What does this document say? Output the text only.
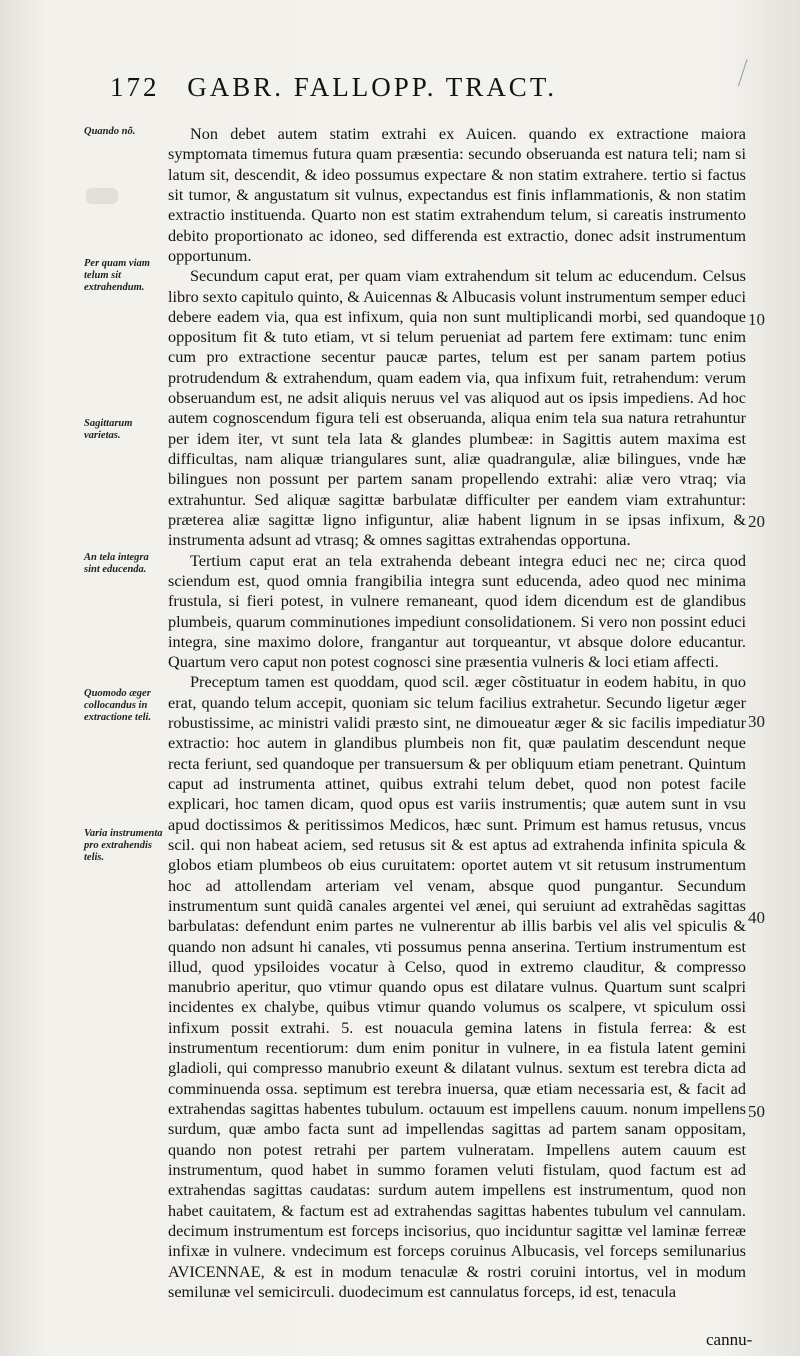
172 GABR. FALLOPP. TRACT.
Quando nõ.
Per quam viam telum sit extrahendum.
Sagittarum varietas.
An tela integra sint educenda.
Quomodo æger collocandus in extractione teli.
Varia instrumenta pro extrahendis telis.
10
20
30
40
50

Non debet autem statim extrahi ex Auicen. quando ex extractione maiora symptomata timemus futura quam præsentia: secundo obseruanda est natura teli; nam si latum sit, descendit, & ideo possumus expectare & non statim extrahere. tertio si factus sit tumor, & angustatum sit vulnus, expectandus est finis inflammationis, & non statim extractio instituenda. Quarto non est statim extrahendum telum, si careatis instrumento debito proportionato ac idoneo, sed differenda est extractio, donec adsit instrumentum opportunum.

Secundum caput erat, per quam viam extrahendum sit telum ac educendum. Celsus libro sexto capitulo quinto, & Auicennas & Albucasis volunt instrumentum semper educi debere eadem via, qua est infixum, quia non sunt multiplicandi morbi, sed quandoque oppositum fit & tuto etiam, vt si telum perueniat ad partem fere extimam: tunc enim cum pro extractione secentur paucæ partes, telum est per sanam partem potius protrudendum & extrahendum, quam eadem via, qua infixum fuit, retrahendum: verum obseruandum est, ne adsit aliquis neruus vel vas aliquod aut os ipsis impediens. Ad hoc autem cognoscendum figura teli est obseruanda, aliqua enim tela sua natura retrahuntur per idem iter, vt sunt tela lata & glandes plumbeæ: in Sagittis autem maxima est difficultas, nam aliquæ triangulares sunt, aliæ quadrangulæ, aliæ bilingues, vnde hæ bilingues non possunt per partem sanam propellendo extrahi: aliæ vero vtraq; via extrahuntur. Sed aliquæ sagittæ barbulatæ difficulter per eandem viam extrahuntur: præterea aliæ sagittæ ligno infiguntur, aliæ habent lignum in se ipsas infixum, & instrumenta adsunt ad vtrasq; & omnes sagittas extrahendas opportuna.

Tertium caput erat an tela extrahenda debeant integra educi nec ne; circa quod sciendum est, quod omnia frangibilia integra sunt educenda, adeo quod nec minima frustula, si fieri potest, in vulnere remaneant, quod idem dicendum est de glandibus plumbeis, quarum comminutiones impediunt consolidationem. Si vero non possint educi integra, sine maximo dolore, frangantur aut torqueantur, vt absque dolore educantur. Quartum vero caput non potest cognosci sine præsentia vulneris & loci etiam affecti.

Preceptum tamen est quoddam, quod scil. æger cõstituatur in eodem habitu, in quo erat, quando telum accepit, quoniam sic telum facilius extrahetur. Secundo ligetur æger robustissime, ac ministri validi præsto sint, ne dimoueatur æger & sic facilis impediatur extractio: hoc autem in glandibus plumbeis non fit, quæ paulatim descendunt neque recta feriunt, sed quandoque per transuersum & per obliquum etiam penetrant. Quintum caput ad instrumenta attinet, quibus extrahi telum debet, quod non potest facile explicari, hoc tamen dicam, quod opus est variis instrumentis; quæ autem sunt in vsu apud doctissimos & peritissimos Medicos, hæc sunt. Primum est hamus retusus, vncus scil. qui non habeat aciem, sed retusus sit & est aptus ad extrahenda infinita spicula & globos etiam plumbeos ob eius curuitatem: oportet autem vt sit retusum instrumentum hoc ad attollendam arteriam vel venam, absque quod pungantur. Secundum instrumentum sunt quidã canales argentei vel ænei, qui seruiunt ad extrahẽdas sagittas barbulatas: defendunt enim partes ne vulnerentur ab illis barbis vel alis vel spiculis & quando non adsunt hi canales, vti possumus penna anserina. Tertium instrumentum est illud, quod ypsiloides vocatur à Celso, quod in extremo clauditur, & compresso manubrio aperitur, quo vtimur quando opus est dilatare vulnus. Quartum sunt scalpri incidentes ex chalybe, quibus vtimur quando volumus os scalpere, vt spiculum ossi infixum possit extrahi. 5. est nouacula gemina latens in fistula ferrea: & est instrumentum recentiorum: dum enim ponitur in vulnere, in ea fistula latent gemini gladioli, qui compresso manubrio exeunt & dilatant vulnus. sextum est terebra dicta ad comminuenda ossa. septimum est terebra inuersa, quæ etiam necessaria est, & facit ad extrahendas sagittas habentes tubulum. octauum est impellens cauum. nonum impellens surdum, quæ ambo facta sunt ad impellendas sagittas ad partem sanam oppositam, quando non potest retrahi per partem vulneratam. Impellens autem cauum est instrumentum, quod habet in summo foramen veluti fistulam, quod factum est ad extrahendas sagittas caudatas: surdum autem impellens est instrumentum, quod non habet cauitatem, & factum est ad extrahendas sagittas habentes tubulum vel cannulam. decimum instrumentum est forceps incisorius, quo inciduntur sagittæ vel laminæ ferreæ infixæ in vulnere. vndecimum est forceps coruinus Albucasis, vel forceps semilunarius AVICENNAE, & est in modum tenaculæ & rostri coruini intortus, vel in modum semilunæ vel semicirculi. duodecimum est cannulatus forceps, id est, tenacula

cannu-
